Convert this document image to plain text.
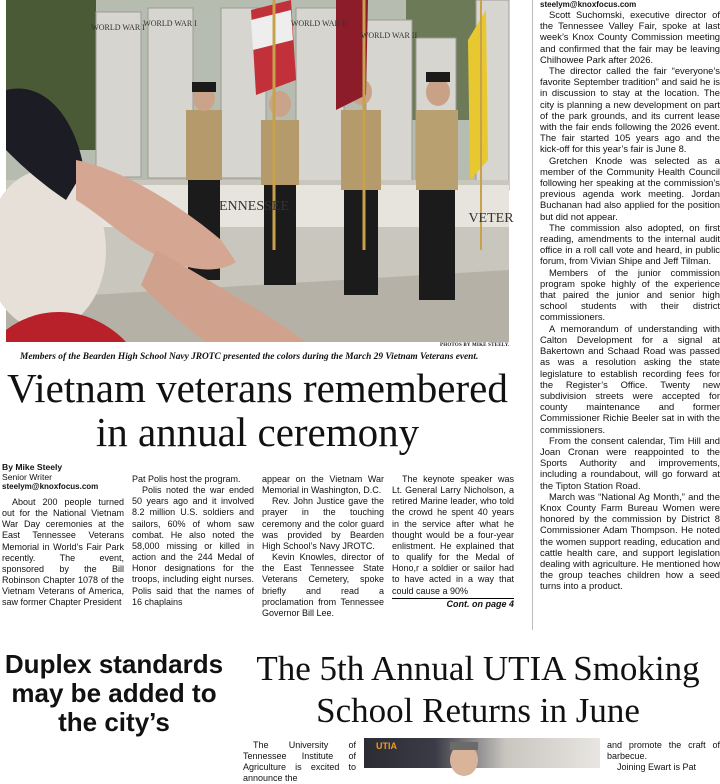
WORLD WAR I
WORLD WAR I	WORLD WAR II
WORLD WAR II
ENNESSEE
VETER
PHOTOS BY MIKE STEELY.
Members of the Bearden High School Navy JROTC presented the colors during the March 29 Vietnam Veterans event.
Vietnam veterans remembered in annual ceremony
By Mike Steely
Senior Writer
steelym@knoxfocus.com

About 200 people turned out for the National Vietnam War Day ceremonies at the East Tennessee Veterans Memorial in World’s Fair Park recently. The event, sponsored by the Bill Robinson Chapter 1078 of the Vietnam Veterans of America, saw former Chapter President

Pat Polis host the program.

Polis noted the war ended 50 years ago and it involved 8.2 million U.S. soldiers and sailors, 60% of whom saw combat. He also noted the 58,000 missing or killed in action and the 244 Medal of Honor designations for the troops, including eight nurses. Polis said that the names of 16 chaplains

appear on the Vietnam War Memorial in Washington, D.C.

Rev. John Justice gave the prayer in the touching ceremony and the color guard was provided by Bearden High School’s Navy JROTC.

Kevin Knowles, director of the East Tennessee State Veterans Cemetery, spoke briefly and read a proclamation from Tennessee Governor Bill Lee.

The keynote speaker was Lt. General Larry Nicholson, a retired Marine leader, who told the crowd he spent 40 years in the service after what he thought would be a four-year enlistment. He explained that to qualify for the Medal of Hono,r a soldier or sailor had to have acted in a way that could cause a 90%

Cont. on page 4

steelym@knoxfocus.com

Scott Suchomski, executive director of the Tennessee Valley Fair, spoke at last week’s Knox County Commission meeting and confirmed that the fair may be leaving Chilhowee Park after 2026.

The director called the fair “everyone’s favorite September tradition” and said he is in discussion to stay at the location. The city is planning a new development on part of the park grounds, and its current lease with the fair ends following the 2026 event. The fair started 105 years ago and the kick-off for this year’s fair is June 8.

Gretchen Knode was selected as a member of the Community Health Council following her speaking at the commission’s previous agenda work meeting. Jordan Buchanan had also applied for the position but did not appear.

The commission also adopted, on first reading, amendments to the internal audit office in a roll call vote and heard, in public forum, from Vivian Shipe and Jeff Tilman.

Members of the junior commission program spoke highly of the experience that paired the junior and senior high school students with their district commissioners.

A memorandum of understanding with Calton Development for a signal at Bakertown and Schaad Road was passed as was a resolution asking the state legislature to establish recording fees for the Register’s Office. Twenty new subdivision streets were accepted for county maintenance and former Commissioner Richie Beeler sat in with the commissioners.

From the consent calendar, Tim Hill and Joan Cronan were reappointed to the Sports Authority and improvements, including a roundabout, will go forward at the Tipton Station Road.

March was “National Ag Month,” and the Knox County Farm Bureau Women were honored by the commission by District 8 Commissioner Adam Thompson. He noted the women support reading, education and cattle health care, and support legislation dealing with agriculture. He mentioned how the group teaches children how a seed turns into a product.

Duplex standards may be added to the city’s
The 5th Annual UTIA Smoking School Returns in June

The University of Tennessee Institute of Agriculture is excited to announce the

UTIA	and promote the craft of barbecue.

Joining Ewart is Pat
